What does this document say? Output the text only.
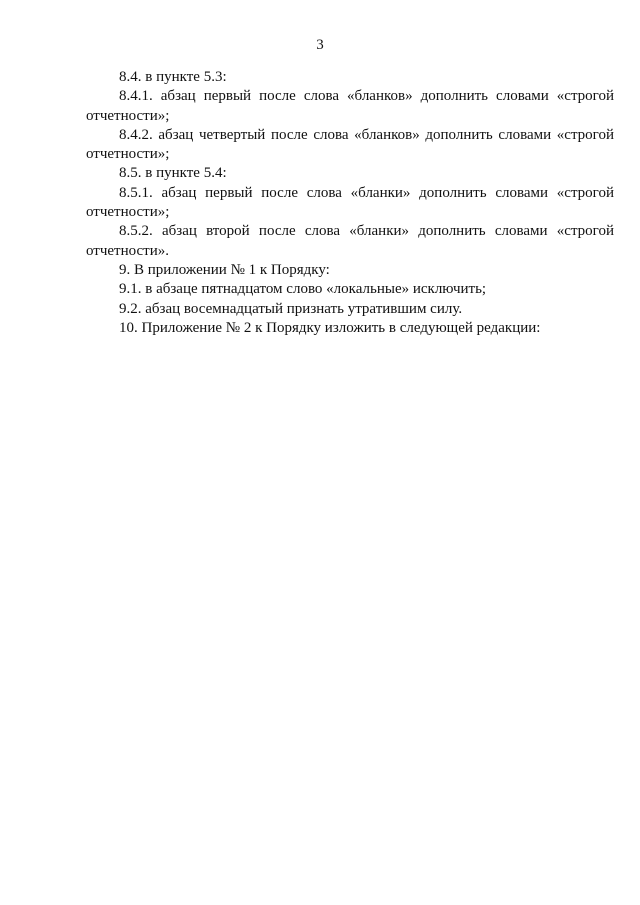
3

8.4. в пункте 5.3:

8.4.1. абзац первый после слова «бланков» дополнить словами «строгой отчетности»;

8.4.2. абзац четвертый после слова «бланков» дополнить словами «строгой отчетности»;

8.5. в пункте 5.4:

8.5.1. абзац первый после слова «бланки» дополнить словами «строгой отчетности»;

8.5.2. абзац второй после слова «бланки» дополнить словами «строгой отчетности».

9. В приложении № 1 к Порядку:

9.1. в абзаце пятнадцатом слово «локальные» исключить;

9.2. абзац восемнадцатый признать утратившим силу.

10. Приложение № 2 к Порядку изложить в следующей редакции:
